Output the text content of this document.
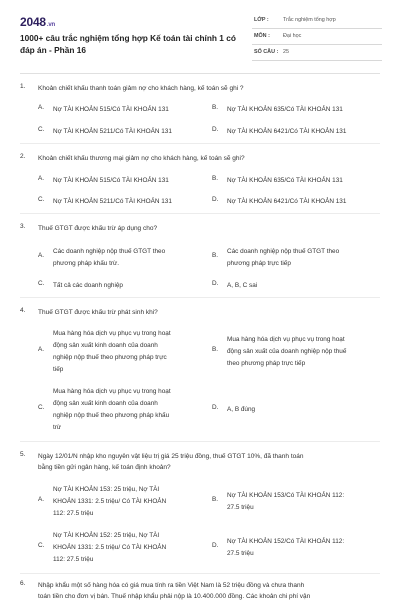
2048.vn
1000+ câu trắc nghiệm tổng hợp Kế toán tài chính 1 có đáp án - Phần 16
LỚP :	Trắc nghiệm tổng hợp
MÔN : Đại học
SỐ CÂU : 25
1. Khoản chiết khấu thanh toán giảm nợ cho khách hàng, kế toán sẽ ghi ?
A. Nợ TÀI KHOẢN 515/Có TÀI KHOẢN 131	B. Nợ TÀI KHOẢN 635/Có TÀI KHOẢN 131
C. Nợ TÀI KHOẢN 5211/Có TÀI KHOẢN 131	D. Nợ TÀI KHOẢN 6421/Có TÀI KHOẢN 131
2. Khoản chiết khấu thương mại giảm nợ cho khách hàng, kế toán sẽ ghi?
A. Nợ TÀI KHOẢN 515/Có TÀI KHOẢN 131	B. Nợ TÀI KHOẢN 635/Có TÀI KHOẢN 131
C. Nợ TÀI KHOẢN 5211/Có TÀI KHOẢN 131	D. Nợ TÀI KHOẢN 6421/Có TÀI KHOẢN 131
3. Thuế GTGT được khấu trừ áp dụng cho?
A.
Các doanh nghiệp nộp thuế GTGT theo
phương pháp khấu trừ.
B.
Các doanh nghiệp nộp thuế GTGT theo
phương pháp trực tiếp
C. Tất cả các doanh nghiệp	D. A, B, C sai
4. Thuế GTGT được khấu trừ phát sinh khi?
A.
Mua hàng hóa dịch vụ phục vụ trong hoạt
động sản xuất kinh doanh của doanh
nghiệp nộp thuế theo phương pháp trực
tiếp
B.
Mua hàng hóa dịch vụ phục vụ trong hoạt
động sản xuất của doanh nghiệp nộp thuế
theo phương pháp trực tiếp
C.
Mua hàng hóa dịch vụ phục vụ trong hoạt
động sản xuất kinh doanh của doanh
nghiệp nộp thuế theo phương pháp khấu
trừ
D. A, B đúng
5. Ngày 12/01/N nhập kho nguyên vật liệu trị giá 25 triệu đồng, thuế GTGT 10%, đã thanh toán
bằng tiền gửi ngân hàng, kế toán định khoản?
A.
Nợ TÀI KHOẢN 153: 25 triệu, Nợ TÀI
KHOẢN 1331: 2.5 triệu/ Có TÀI KHOẢN
112: 27.5 triệu
B.
Nợ TÀI KHOẢN 153/Có TÀI KHOẢN 112:
27.5 triệu
C.
Nợ TÀI KHOẢN 152: 25 triệu, Nợ TÀI
KHOẢN 1331: 2.5 triệu/ Có TÀI KHOẢN
112: 27.5 triệu
D.
Nợ TÀI KHOẢN 152/Có TÀI KHOẢN 112:
27.5 triệu
6. Nhập khẩu một số hàng hóa có giá mua tính ra tiền Việt Nam là 52 triệu đồng và chưa thanh
toán tiền cho đơn vị bán. Thuế nhập khẩu phải nộp là 10.400.000 đồng. Các khoản chi phí vận
